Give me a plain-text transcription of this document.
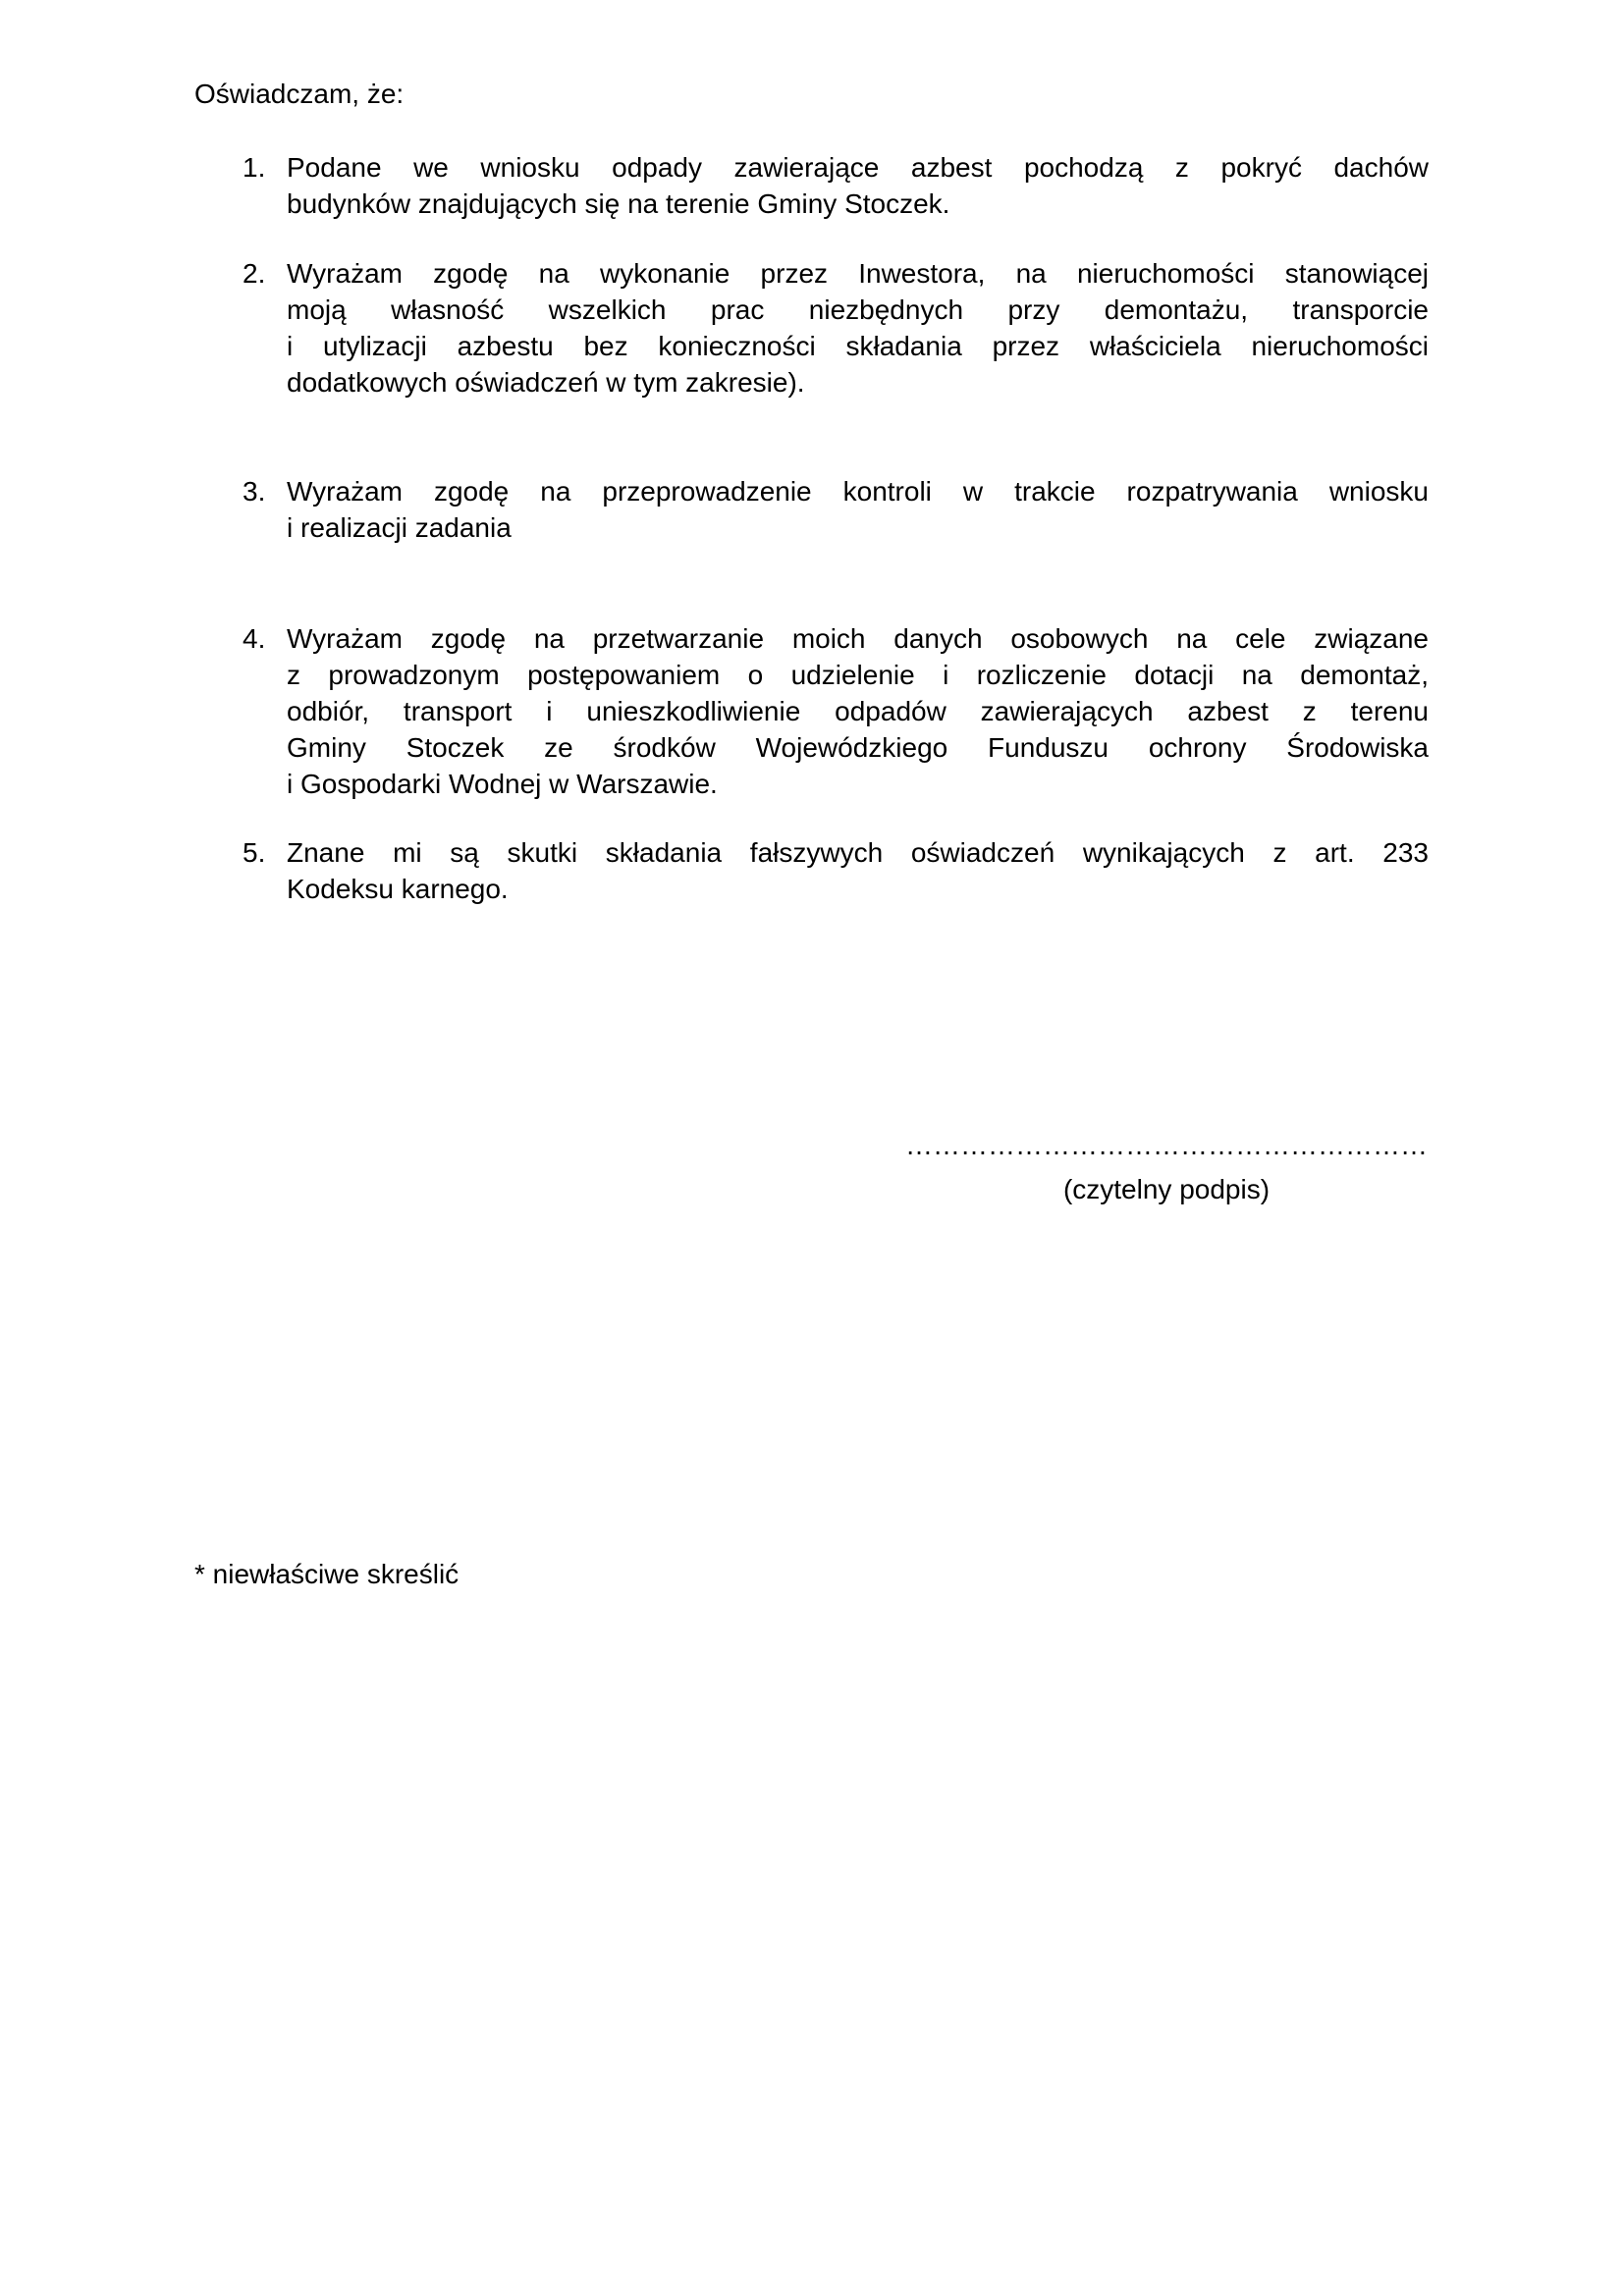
Oświadczam, że:
1. Podane we wniosku odpady zawierające azbest pochodzą z pokryć dachów
budynków znajdujących się na terenie Gminy Stoczek.
2. Wyrażam zgodę na wykonanie przez Inwestora, na nieruchomości stanowiącej
moją własność wszelkich prac niezbędnych przy demontażu, transporcie
i utylizacji azbestu bez konieczności składania przez właściciela nieruchomości
dodatkowych oświadczeń w tym zakresie).
3. Wyrażam zgodę na przeprowadzenie kontroli w trakcie rozpatrywania wniosku
i realizacji zadania
4. Wyrażam zgodę na przetwarzanie moich danych osobowych na cele związane
z prowadzonym postępowaniem o udzielenie i rozliczenie dotacji na demontaż,
odbiór, transport i unieszkodliwienie odpadów zawierających azbest z terenu
Gminy Stoczek ze środków Wojewódzkiego Funduszu ochrony Środowiska
i Gospodarki Wodnej w Warszawie.
5. Znane mi są skutki składania fałszywych oświadczeń wynikających z art. 233
Kodeksu karnego.
…………………………………………………
(czytelny podpis)
* niewłaściwe skreślić
